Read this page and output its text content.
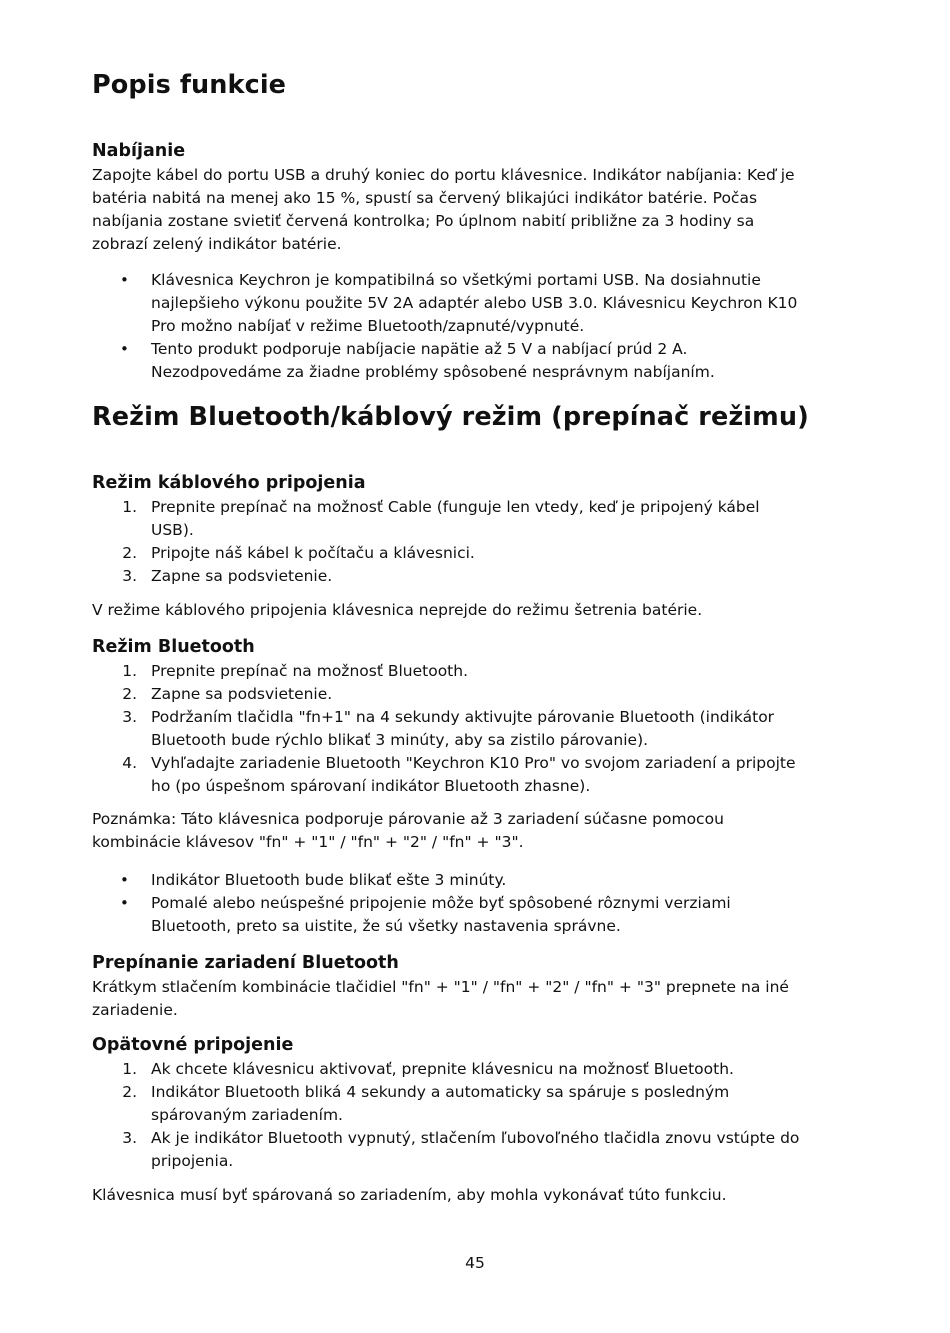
Popis funkcie
Nabíjanie
Zapojte kábel do portu USB a druhý koniec do portu klávesnice. Indikátor nabíjania: Keď je
batéria nabitá na menej ako 15 %, spustí sa červený blikajúci indikátor batérie. Počas
nabíjania zostane svietiť červená kontrolka; Po úplnom nabití približne za 3 hodiny sa
zobrazí zelený indikátor batérie.
• Klávesnica Keychron je kompatibilná so všetkými portami USB. Na dosiahnutie
najlepšieho výkonu použite 5V 2A adaptér alebo USB 3.0. Klávesnicu Keychron K10
Pro možno nabíjať v režime Bluetooth/zapnuté/vypnuté.
• Tento produkt podporuje nabíjacie napätie až 5 V a nabíjací prúd 2 A.
Nezodpovedáme za žiadne problémy spôsobené nesprávnym nabíjaním.
Režim Bluetooth/káblový režim (prepínač režimu)
Režim káblového pripojenia
1. Prepnite prepínač na možnosť Cable (funguje len vtedy, keď je pripojený kábel
USB).
2. Pripojte náš kábel k počítaču a klávesnici.
3. Zapne sa podsvietenie.
V režime káblového pripojenia klávesnica neprejde do režimu šetrenia batérie.
Režim Bluetooth
1. Prepnite prepínač na možnosť Bluetooth.
2. Zapne sa podsvietenie.
3. Podržaním tlačidla "fn+1" na 4 sekundy aktivujte párovanie Bluetooth (indikátor
Bluetooth bude rýchlo blikať 3 minúty, aby sa zistilo párovanie).
4. Vyhľadajte zariadenie Bluetooth "Keychron K10 Pro" vo svojom zariadení a pripojte
ho (po úspešnom spárovaní indikátor Bluetooth zhasne).
Poznámka: Táto klávesnica podporuje párovanie až 3 zariadení súčasne pomocou
kombinácie klávesov "fn" + "1" / "fn" + "2" / "fn" + "3".
• Indikátor Bluetooth bude blikať ešte 3 minúty.
• Pomalé alebo neúspešné pripojenie môže byť spôsobené rôznymi verziami
Bluetooth, preto sa uistite, že sú všetky nastavenia správne.
Prepínanie zariadení Bluetooth
Krátkym stlačením kombinácie tlačidiel "fn" + "1" / "fn" + "2" / "fn" + "3" prepnete na iné
zariadenie.
Opätovné pripojenie
1. Ak chcete klávesnicu aktivovať, prepnite klávesnicu na možnosť Bluetooth.
2. Indikátor Bluetooth bliká 4 sekundy a automaticky sa spáruje s posledným
spárovaným zariadením.
3. Ak je indikátor Bluetooth vypnutý, stlačením ľubovoľného tlačidla znovu vstúpte do
pripojenia.
Klávesnica musí byť spárovaná so zariadením, aby mohla vykonávať túto funkciu.
45
